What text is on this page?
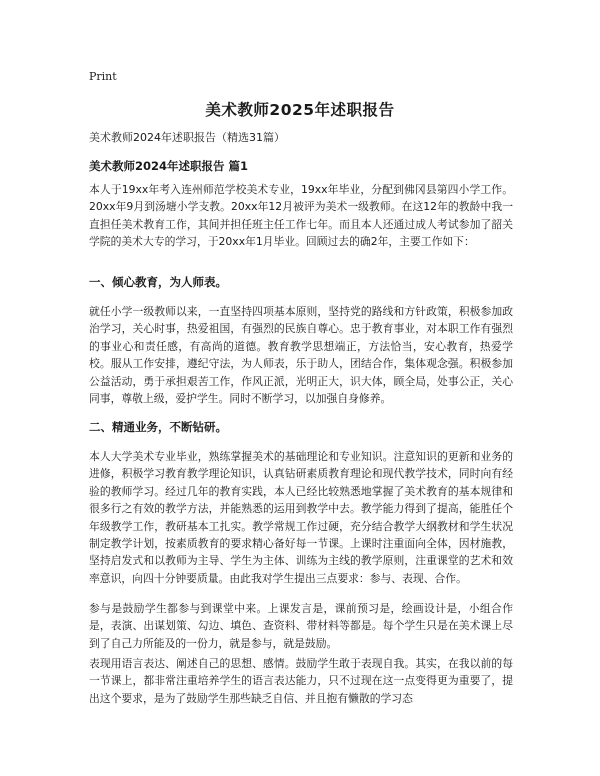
Print
美术教师2025年述职报告
美术教师2024年述职报告（精选31篇）
美术教师2024年述职报告 篇1
本人于19xx年考入连州师范学校美术专业，19xx年毕业，分配到佛冈县第四小学工作。20xx年9月到汤塘小学支教。20xx年12月被评为美术一级教师。在这12年的教龄中我一直担任美术教育工作，其间并担任班主任工作七年。而且本人还通过成人考试参加了韶关学院的美术大专的学习，于20xx年1月毕业。回顾过去的确2年，主要工作如下：
一、倾心教育，为人师表。
就任小学一级教师以来，一直坚持四项基本原则，坚持党的路线和方针政策，积极参加政治学习，关心时事，热爱祖国，有强烈的民族自尊心。忠于教育事业，对本职工作有强烈的事业心和责任感，有高尚的道德。教育教学思想端正，方法恰当，安心教育，热爱学校。服从工作安排，遵纪守法，为人师表，乐于助人，团结合作，集体观念强。积极参加公益活动，勇于承担艰苦工作，作风正派，光明正大，识大体，顾全局，处事公正，关心同事，尊敬上级，爱护学生。同时不断学习，以加强自身修养。
二、精通业务，不断钻研。
本人大学美术专业毕业，熟练掌握美术的基础理论和专业知识。注意知识的更新和业务的进修，积极学习教育教学理论知识，认真钻研素质教育理论和现代教学技术，同时向有经验的教师学习。经过几年的教育实践，本人已经比较熟悉地掌握了美术教育的基本规律和很多行之有效的教学方法，并能熟悉的运用到教学中去。教学能力得到了提高，能胜任个年级教学工作，教研基本工扎实。教学常规工作过硬，充分结合教学大纲教材和学生状况制定教学计划，按素质教育的要求精心备好每一节课。上课时注重面向全体，因材施教，坚持启发式和以教师为主导、学生为主体、训练为主线的教学原则，注重课堂的艺术和效率意识，向四十分钟要质量。由此我对学生提出三点要求：参与、表现、合作。
参与是鼓励学生都参与到课堂中来。上课发言是，课前预习是，绘画设计是，小组合作是，表演、出谋划策、勾边、填色、查资料、带材料等都是。每个学生只是在美术课上尽到了自己力所能及的一份力，就是参与，就是鼓励。
表现用语言表达、阐述自己的思想、感情。鼓励学生敢于表现自我。其实，在我以前的每一节课上，都非常注重培养学生的语言表达能力，只不过现在这一点变得更为重要了，提出这个要求，是为了鼓励学生那些缺乏自信、并且抱有懒散的学习态
